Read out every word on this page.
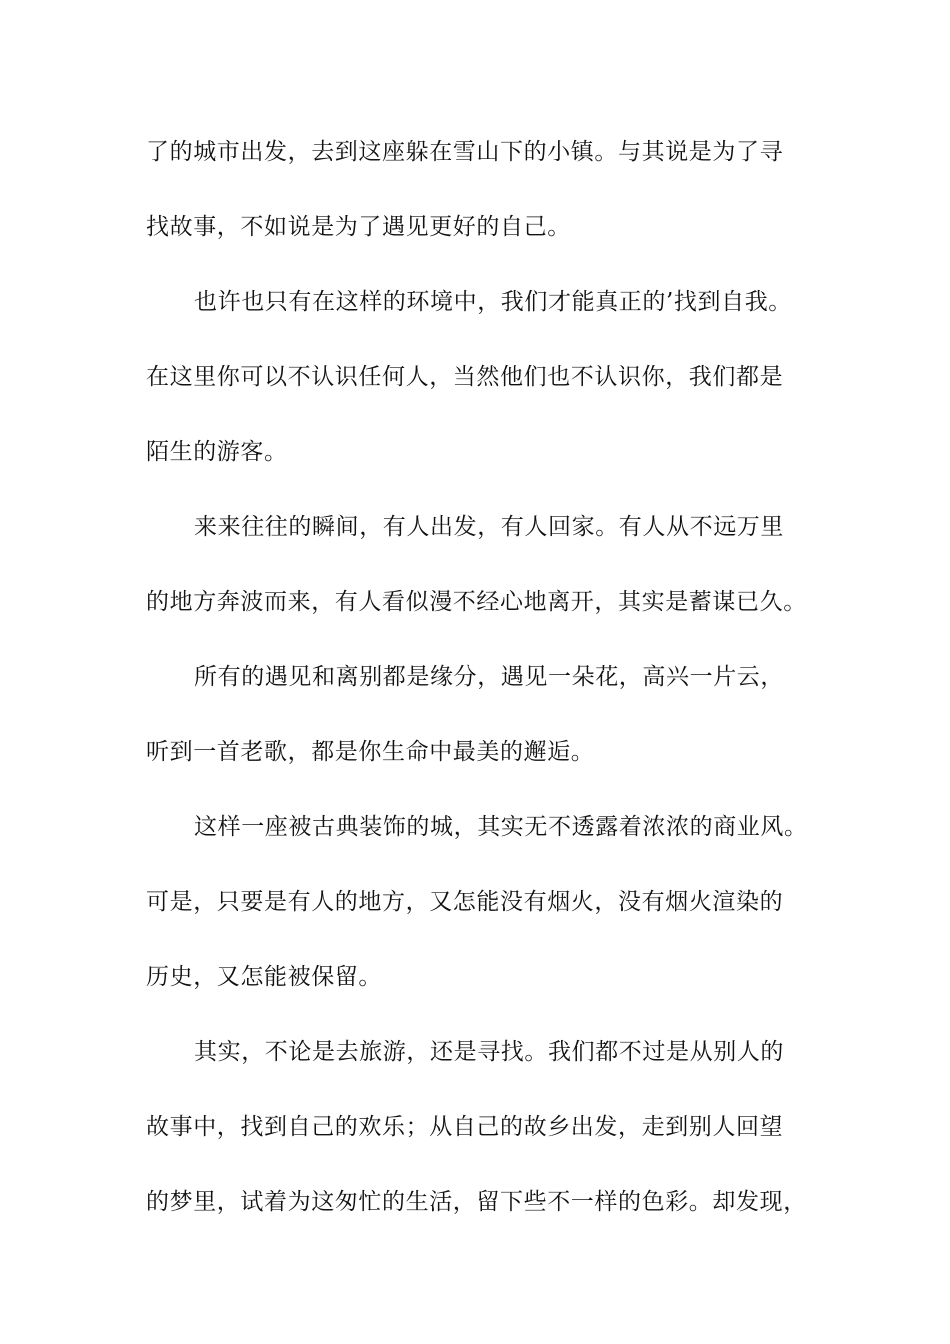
了的城市出发，去到这座躲在雪山下的小镇。与其说是为了寻
找故事，不如说是为了遇见更好的自己。
也许也只有在这样的环境中，我们才能真正的’找到自我。
在这里你可以不认识任何人，当然他们也不认识你，我们都是
陌生的游客。
来来往往的瞬间，有人出发，有人回家。有人从不远万里
的地方奔波而来，有人看似漫不经心地离开，其实是蓄谋已久。
所有的遇见和离别都是缘分，遇见一朵花，高兴一片云，
听到一首老歌，都是你生命中最美的邂逅。
这样一座被古典装饰的城，其实无不透露着浓浓的商业风。
可是，只要是有人的地方，又怎能没有烟火，没有烟火渲染的
历史，又怎能被保留。
其实，不论是去旅游，还是寻找。我们都不过是从别人的
故事中，找到自己的欢乐；从自己的故乡出发，走到别人回望
的梦里，试着为这匆忙的生活，留下些不一样的色彩。却发现，
